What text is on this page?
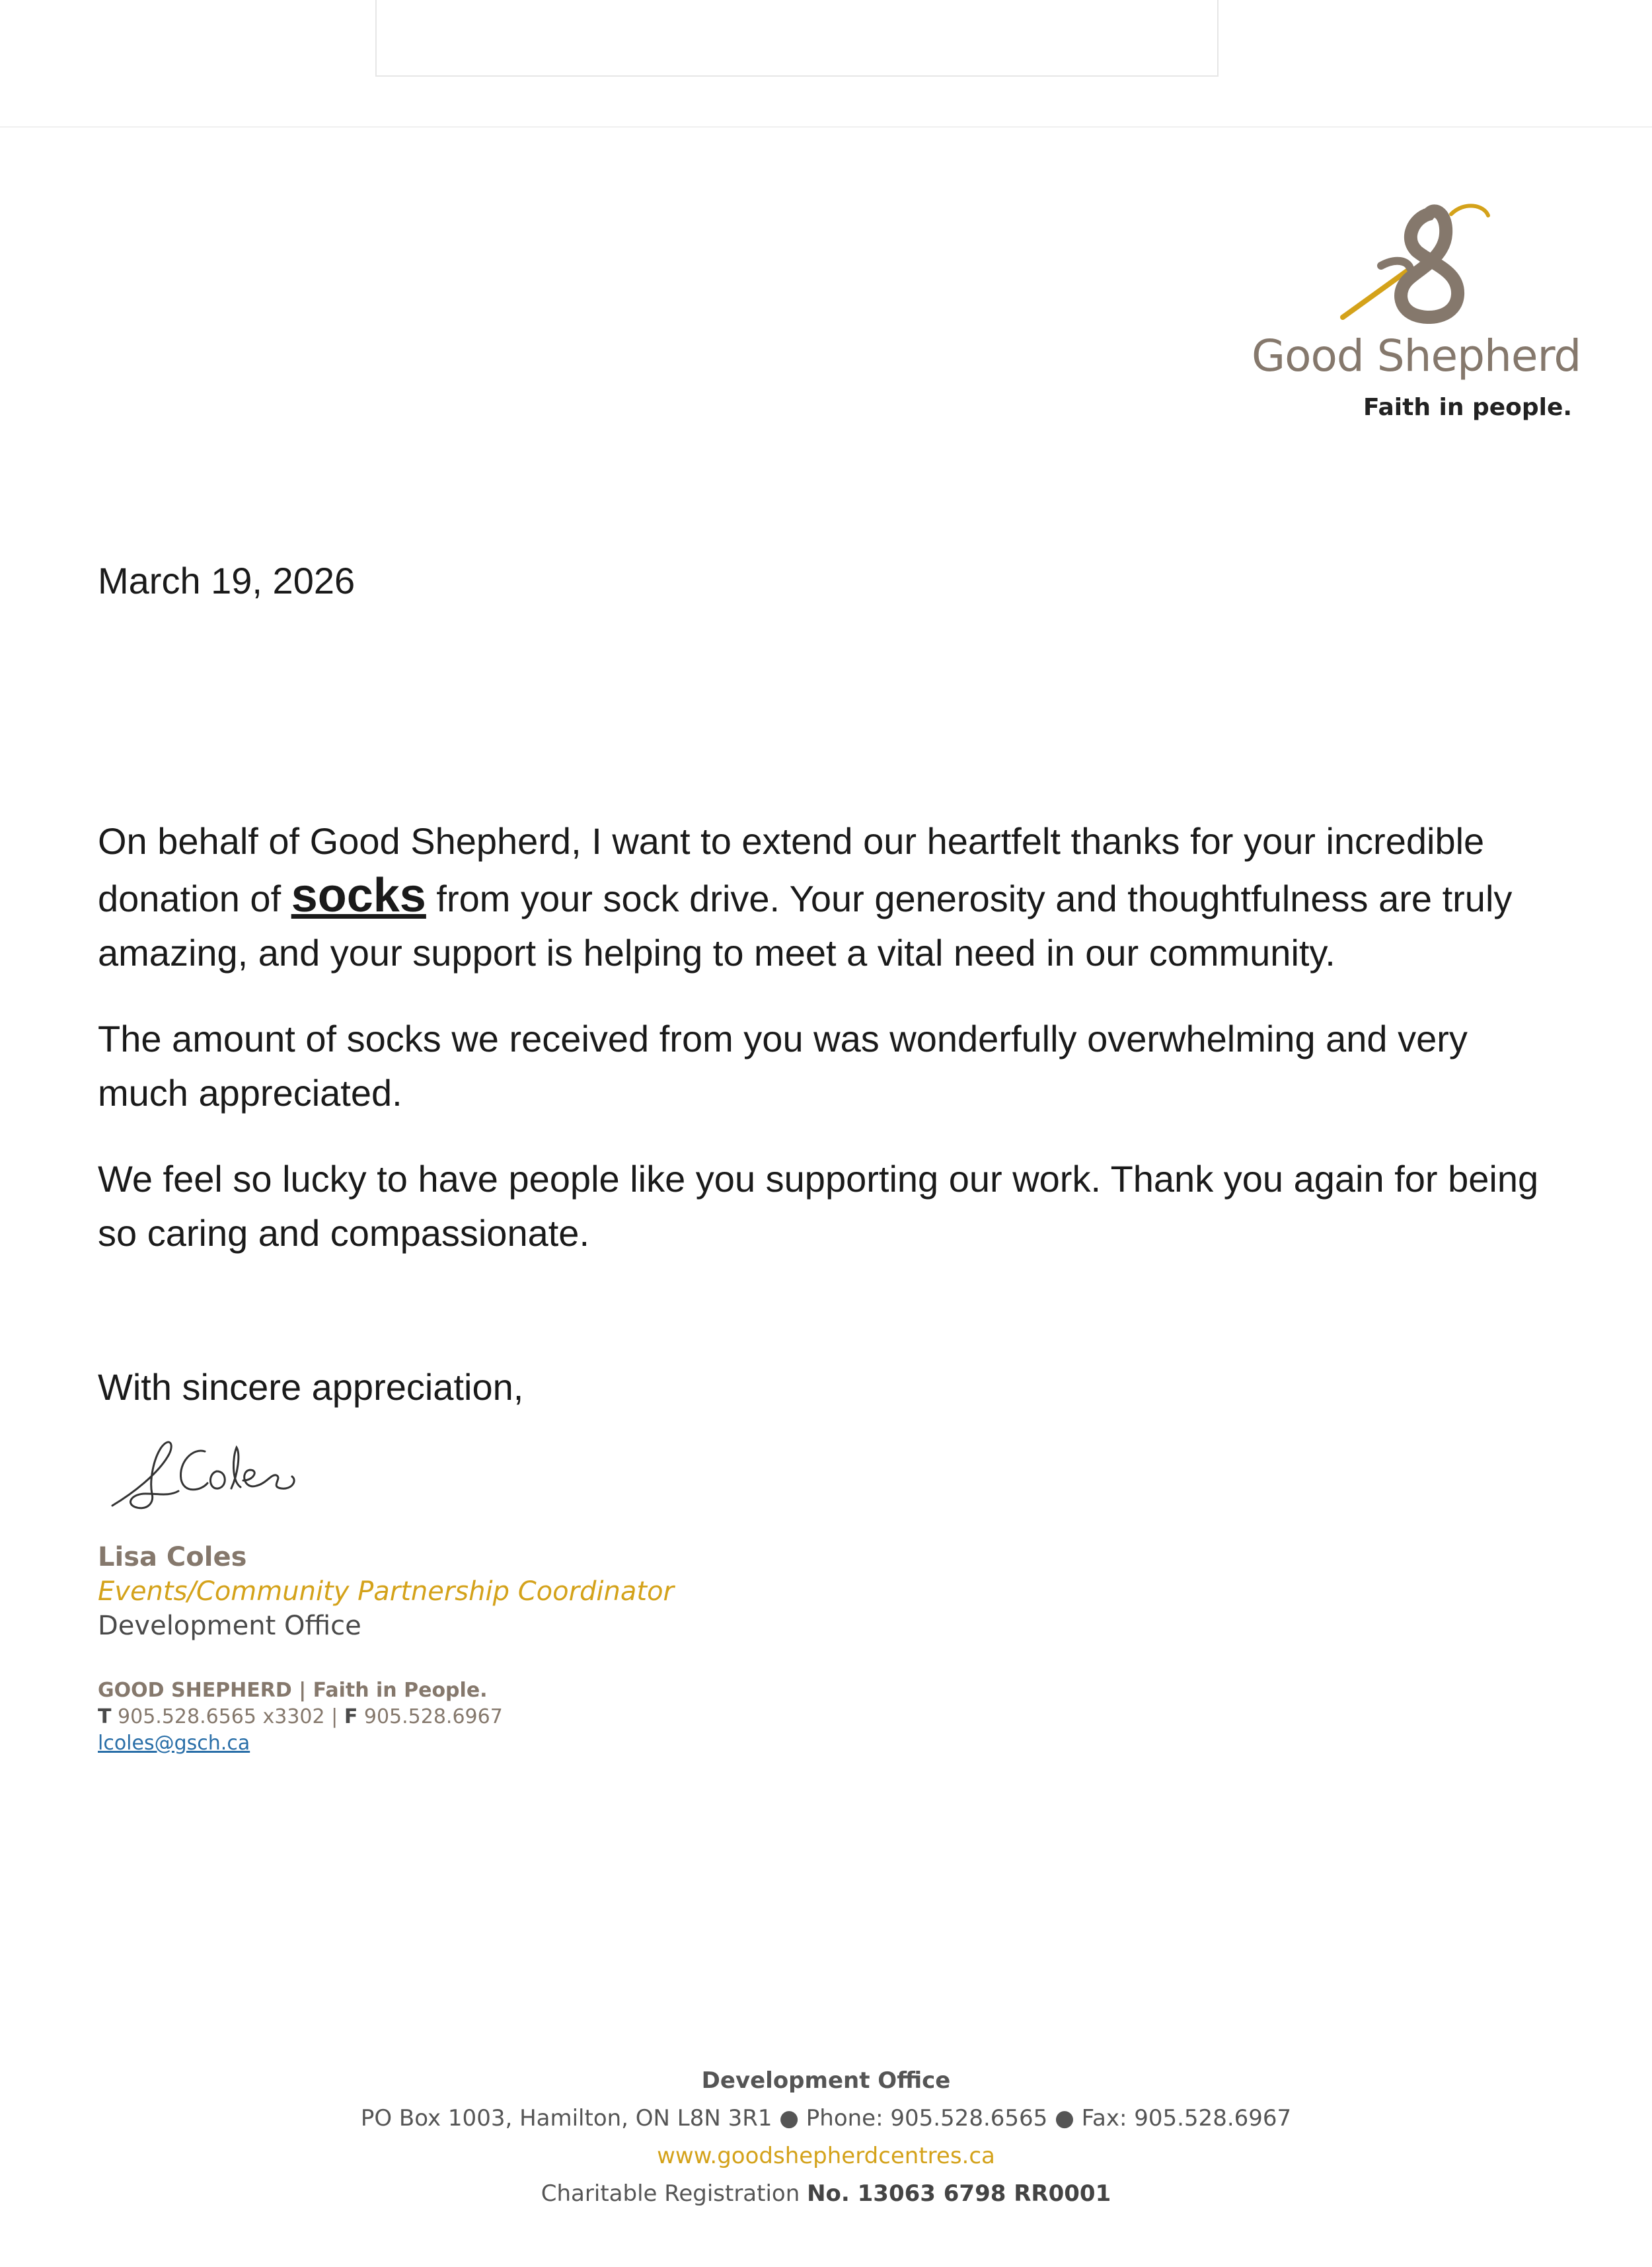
Good Shepherd
Faith in people.
March 19, 2026

On behalf of Good Shepherd, I want to extend our heartfelt thanks for your incredible donation of socks from your sock drive. Your generosity and thoughtfulness are truly amazing, and your support is helping to meet a vital need in our community.

The amount of socks we received from you was wonderfully overwhelming and very much appreciated.

We feel so lucky to have people like you supporting our work. Thank you again for being so caring and compassionate.

With sincere appreciation,
LColes
Lisa Coles
Events/Community Partnership Coordinator
Development Office
GOOD SHEPHERD | Faith in People.
T 905.528.6565 x3302 | F 905.528.6967
lcoles@gsch.ca
Development Office
PO Box 1003, Hamilton, ON L8N 3R1 ● Phone: 905.528.6565 ● Fax: 905.528.6967
www.goodshepherdcentres.ca
Charitable Registration No. 13063 6798 RR0001
